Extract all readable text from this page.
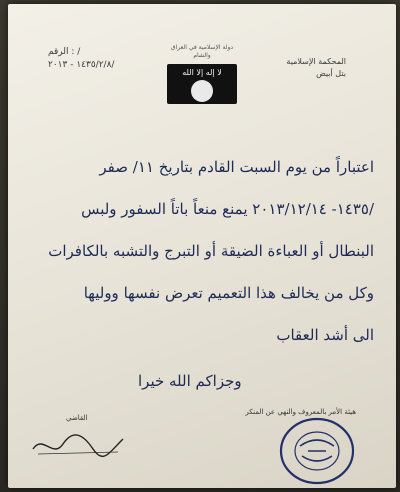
الرقم : /
١٤٣٥/٢/٨ - ٢٠١٣/
دولة الإسلامية في العراق والشام
لا إله إلا الله
المحكمة الإسلامية
بتل أبيض
اعتباراً من يوم السبت القادم بتاريخ ١١/ صفر
/١٤٣٥- ٢٠١٣/١٢/١٤ يمنع منعاً باتاً السفور ولبس
البنطال أو العباءة الضيقة أو التبرج والتشبه بالكافرات
وكل من يخالف هذا التعميم تعرض نفسها ووليها
الى أشد العقاب
وجزاكم الله خيرا
القاضي
هيئة الأمر بالمعروف والنهي عن المنكر
